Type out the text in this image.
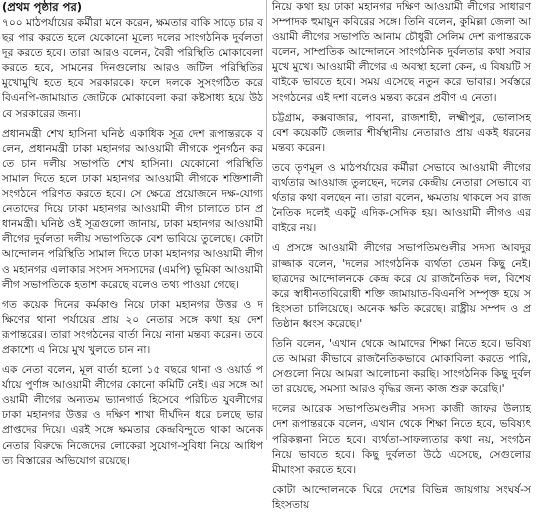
(প্রথম পৃষ্ঠার পর)

৭০০ মাঠপর্যায়ের কর্মীরা মনে করেন, ক্ষমতার বাকি সাড়ে চার বছর পার করতে হলে যেকোনো মূল্যে দলের সাংগঠনিক দুর্বলতা দূর করতে হবে। তারা আরও বলেন, বৈরী পরিস্থিতি মোকাবেলা করতে হবে, সামনের দিনগুলোয় আরও জটিল পরিস্থিতির মুখোমুখি হতে হবে সরকারকে। ফলে দলকে সুসংগঠিত করে বিএনপি-জামায়াত জোটকে মোকাবেলা করা কষ্টসাধ্য হয়ে উঠবে সরকারের জন্য।

প্রধানমন্ত্রী শেখ হাসিনা ঘনিষ্ঠ একাধিক সূত্র দেশ রূপান্তরকে বলেন, প্রধানমন্ত্রী ঢাকা মহানগর আওয়ামী লীগকে পুনর্গঠন করতে চান দলীয় সভাপতি শেখ হাসিনা। যেকোনো পরিস্থিতি সামাল দিতে হলে ঢাকা মহানগর আওয়ামী লীগকে শক্তিশালী সংগঠনে পরিণত করতে হবে। সে ক্ষেত্রে প্রয়োজনে দক্ষ-যোগ্য নেতাদের দিয়ে ঢাকা মহানগর আওয়ামী লীগ চালাতে চান প্রধানমন্ত্রী। ঘনিষ্ঠ ওই সূত্রগুলো জানায়, ঢাকা মহানগর আওয়ামী লীগের দুর্বলতা দলীয় সভাপতিকে বেশ ভাবিয়ে তুলেছে। কোটা আন্দোলন পরিস্থিতি সামাল দিতে ঢাকা মহানগর আওয়ামী লীগ ও মহানগর এলাকার সংসদ সদস্যদের (এমপি) ভূমিকা আওয়ামী লীগ সভাপতিকে হতাশ করেছে বলেও তথ্য পাওয়া গেছে।

গত কয়েক দিনের কর্মকাণ্ড নিয়ে ঢাকা মহানগর উত্তর ও দক্ষিণের থানা পর্যায়ের প্রায় ২০ নেতার সঙ্গে কথা হয় দেশ রূপান্তরের। তারা সংগঠনের বার্তা নিয়ে নানা মন্তব্য করেন। তবে প্রকাশ্যে এ নিয়ে মুখ খুলতে চান না।

এক নেতা বলেন, মূল বার্তা হলো ১৫ বছরে থানা ও ওয়ার্ড পর্যায়ে পুর্ণাঙ্গ আওয়ামী লীগের কোনো কমিটি নেই। এর সঙ্গে আওয়ামী লীগের অন্যতম ভ্যানগার্ড হিসেবে পরিচিত যুবলীগের ঢাকা মহানগর উত্তর ও দক্ষিণ শাখা দীর্ঘদিন ধরে চলছে ভারপ্রাপ্তদের দিয়ে। এরই সঙ্গে ক্ষমতার কেন্দ্রবিন্দুতে থাকা অনেক নেতার বিরুদ্ধে নিজেদের লোকেরা সুযোগ-সুবিধা নিয়ে আধিপত্য বিস্তারের অভিযোগ রয়েছে।

নিয়ে কথা হয় ঢাকা মহানগর দক্ষিণ আওয়ামী লীগের সাধারণ সম্পাদক হুমায়ুন কবিরের সঙ্গে। তিনি বলেন, কুমিল্লা জেলা আওয়ামী লীগের সভাপতি আনাম চৌধুরী সেলিম দেশ রূপান্তরকে বলেন, সাম্প্রতিক আন্দোলনে সাংগঠনিক দুর্বলতার কথা সবার মুখে মুখে। আওয়ামী লীগের এ অবস্থা হলো কেন, এ বিষয়টি সবাইকে ভাবতে হবে। সময় এসেছে নতুন করে ভাবার। সর্বস্তরে সংগঠনের এই দশা বলেও মন্তব্য করেন প্রবীণ এ নেতা।

চট্টগ্রাম, কক্সবাজার, পাবনা, রাজশাহী, লক্ষ্মীপুর, ভোলাসহ বেশ কয়েকটি জেলার শীর্ষস্থানীয় নেতারাও প্রায় একই ধরনের মন্তব্য করেন।

তবে তৃণমূল ও মাঠপর্যায়ের কর্মীরা সেভাবে আওয়ামী লীগের ব্যর্থতার আওয়াজ তুলছেন, দলের কেন্দ্রীয় নেতারা সেভাবে ব্যর্থতার কথা বলছেন না। তারা বলেন, ক্ষমতায় থাকলে সব রাজনৈতিক দলেই একটু এদিক-সেদিক হয়। আওয়ামী লীগও এর বাইরে নয়।

এ প্রসঙ্গে আওয়ামী লীগের সভাপতিমণ্ডলীর সদস্য আবদুর রাজ্জাক বলেন, 'দলের সাংগঠনিক ব্যর্থতা তেমন কিছু নেই। ছাত্রদের আন্দোলনকে কেন্দ্র করে যে রাজনৈতিক দল, বিশেষ করে স্বাধীনতাবিরোধী শক্তি জামায়াত-বিএনপি সম্পৃক্ত হয়ে সহিংসতা চালিয়েছে। অনেক ক্ষতি করেছে। রাষ্ট্রীয় সম্পদ ও প্রতিষ্ঠান ধ্বংস করেছে।'

তিনি বলেন, 'এখান থেকে আমাদের শিক্ষা নিতে হবে। ভবিষ্যতে আমরা কীভাবে রাজনৈতিকভাবে মোকাবিলা করতে পারি, সেগুলো নিয়ে আমরা আলোচনা করছি। সাংগঠনিক কিছু দুর্বলতা রয়েছে, সমস্যা আরও বৃদ্ধির জন্য কাজ শুরু করেছি।'

দলের আরেক সভাপতিমণ্ডলীর সদস্য কাজী জাফর উল্যাহ দেশ রূপান্তরকে বলেন, এখান থেকে শিক্ষা নিতে হবে, ভবিষ্যৎ পরিকল্পনা নিতে হবে। ব্যর্থতা-সাফল্যতার কথা নয়, সংগঠন নিয়ে ভাবতে হবে। কিছু দুর্বলতা উঠে এসেছে, সেগুলোর মীমাংসা করতে হবে।

কোটা আন্দোলনকে ঘিরে দেশের বিভিন্ন জায়গায় সংঘর্ষ-সহিংসতায়
